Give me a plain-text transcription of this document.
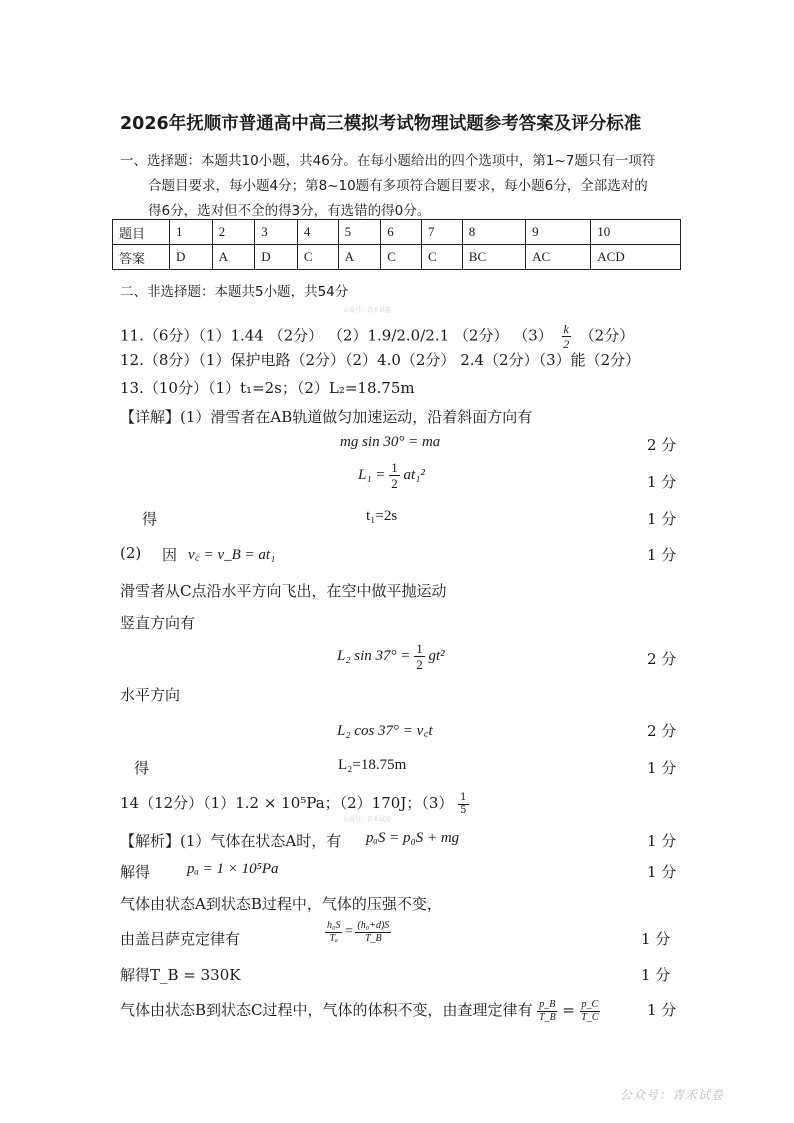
2026年抚顺市普通高中高三模拟考试物理试题参考答案及评分标准
一、选择题：本题共10小题，共46分。在每小题给出的四个选项中，第1~7题只有一项符
合题目要求，每小题4分；第8~10题有多项符合题目要求，每小题6分，全部选对的
得6分，选对但不全的得3分，有选错的得0分。
题目	1	2	3	4	5	6	7	8	9	10
答案	D	A	D	C	A	C	C	BC	AC	ACD
二、非选择题：本题共5小题，共54分
公众号：青禾试卷
11.（6分）（1）1.44 （2分） （2）1.9/2.0/2.1 （2分） $(3) \frac{k}{2} (2$分）
12.（8分）（1）保护电路（2分）（2）4.0（2分） 2.4（2分）（3）能（2分）
13.（10分）（1）t₁=2s；（2）L₂=18.75m
【详解】(1）滑雪者在AB轨道做匀加速运动，沿着斜面方向有
mg sin 30° = ma	2 分
$L_1 = \frac{1}{2} at_1^2$	1 分
得	t₁=2s	1 分
(2) 因 v꜀ = v_B = at₁	1 分
滑雪者从C点沿水平方向飞出，在空中做平抛运动
竖直方向有
L₂ $\sin 37^\circ = \frac{1}{2} gt^2$	2 分
水平方向
L₂ cos 37° = v꜀t	2 分
得	L₂=18.75m	1 分
14（12分）（1）1.2 × 10⁵Pa；（2）170J；$(3) \frac{1}{5}$
公众号：青禾试卷
【解析】(1）气体在状态A时，有 pₐS = p₀S + mg	1 分
解得 pₐ = 1 × 10⁵Pa	1 分
气体由状态A到状态B过程中，气体的压强不变，
由盖吕萨克定律有	$\frac{\text{h₀S}}{\text{Tₐ}} = \frac{\text{(h₀+d)S}}{T\_B}$	1 分
解得T_B = 330K	1 分
气体由状态B到状态C过程中，气体的体积不变，由查理定律有 $\frac{p\_B}{T\_B} = \frac{p\_C}{T\_C}$	1 分
公众号：青禾试卷
